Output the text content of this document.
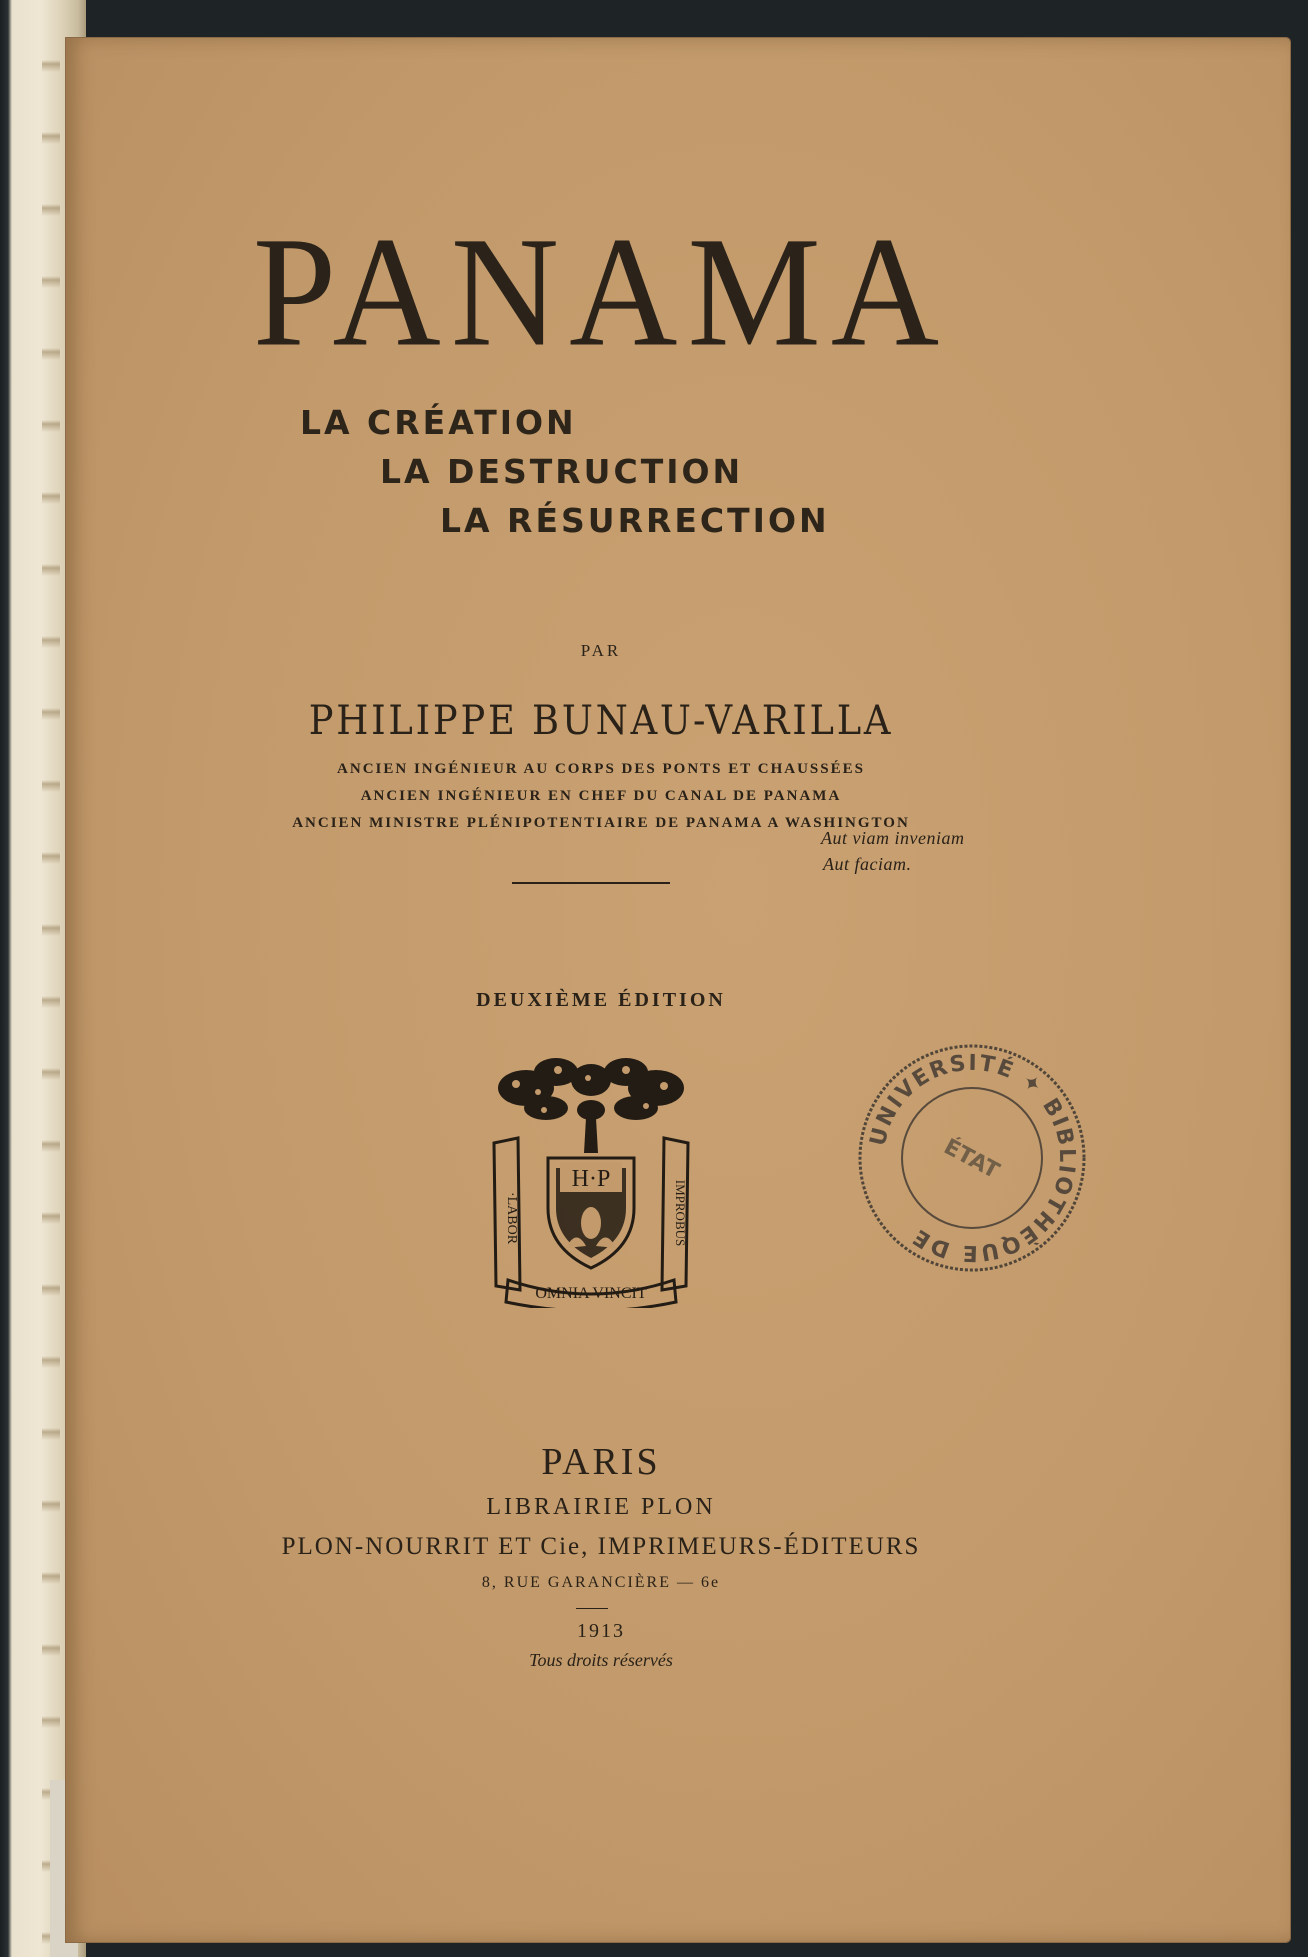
PANAMA
LA CRÉATION
LA DESTRUCTION
LA RÉSURRECTION
PAR
PHILIPPE BUNAU-VARILLA
ANCIEN INGÉNIEUR AU CORPS DES PONTS ET CHAUSSÉES
ANCIEN INGÉNIEUR EN CHEF DU CANAL DE PANAMA
ANCIEN MINISTRE PLÉNIPOTENTIAIRE DE PANAMA A WASHINGTON
Aut viam inveniam
Aut faciam.
DEUXIÈME ÉDITION
·LABOR	IMPROBUS
OMNIA VINCIT
H·P
UNIVERSITÉ ✦ BIBLIOTHÈQUE DE
ÉTAT
PARIS
LIBRAIRIE PLON
PLON-NOURRIT ET Cie, IMPRIMEURS-ÉDITEURS
8, RUE GARANCIÈRE — 6e
1913
Tous droits réservés
